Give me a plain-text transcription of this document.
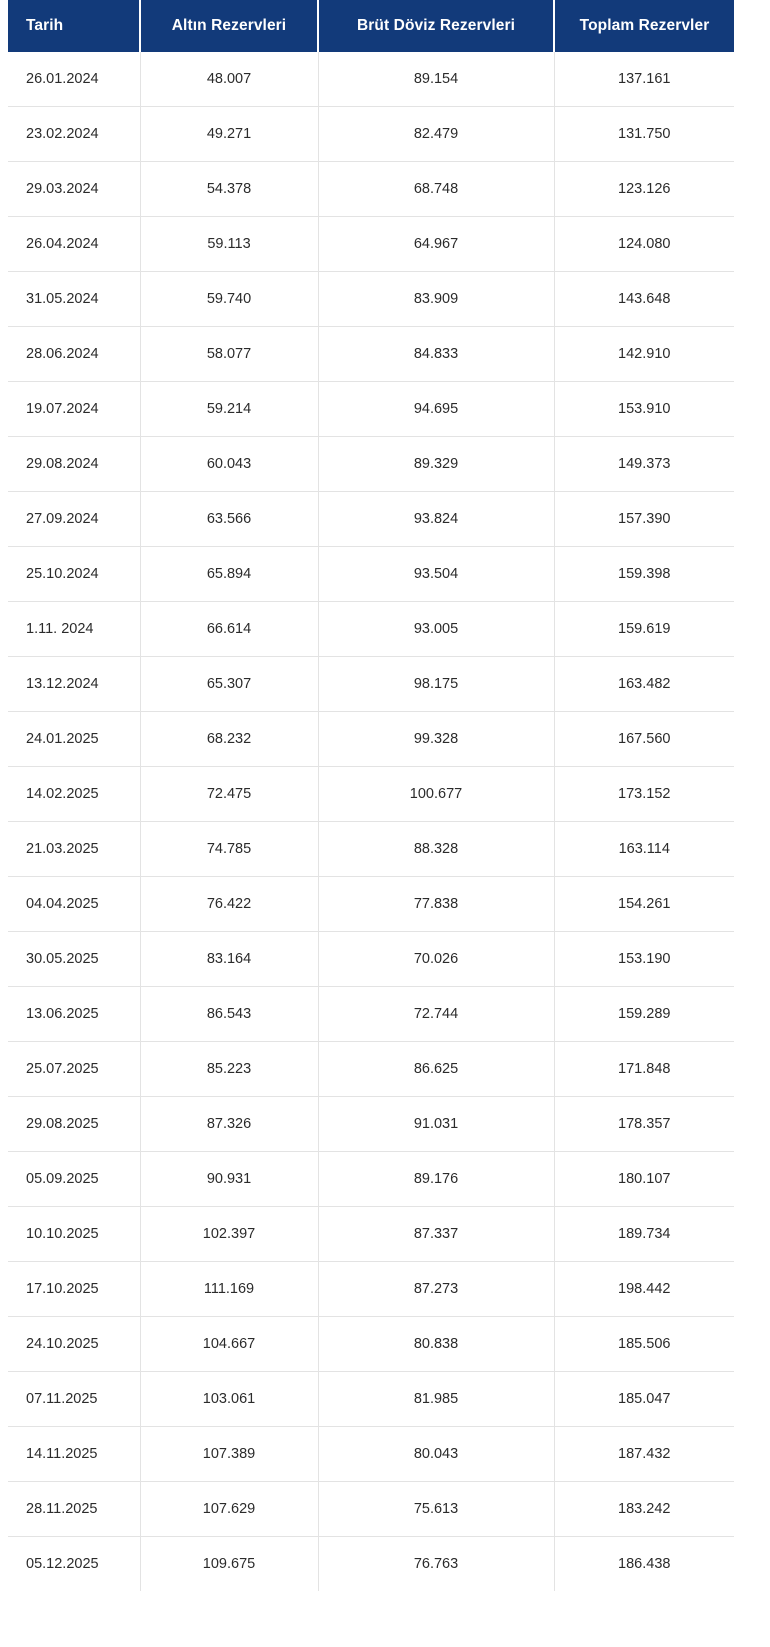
Tarih	Altın Rezervleri	Brüt Döviz Rezervleri	Toplam Rezervler
26.01.2024	48.007	89.154	137.161
23.02.2024	49.271	82.479	131.750
29.03.2024	54.378	68.748	123.126
26.04.2024	59.113	64.967	124.080
31.05.2024	59.740	83.909	143.648
28.06.2024	58.077	84.833	142.910
19.07.2024	59.214	94.695	153.910
29.08.2024	60.043	89.329	149.373
27.09.2024	63.566	93.824	157.390
25.10.2024	65.894	93.504	159.398
1.11. 2024	66.614	93.005	159.619
13.12.2024	65.307	98.175	163.482
24.01.2025	68.232	99.328	167.560
14.02.2025	72.475	100.677	173.152
21.03.2025	74.785	88.328	163.114
04.04.2025	76.422	77.838	154.261
30.05.2025	83.164	70.026	153.190
13.06.2025	86.543	72.744	159.289
25.07.2025	85.223	86.625	171.848
29.08.2025	87.326	91.031	178.357
05.09.2025	90.931	89.176	180.107
10.10.2025	102.397	87.337	189.734
17.10.2025	111.169	87.273	198.442
24.10.2025	104.667	80.838	185.506
07.11.2025	103.061	81.985	185.047
14.11.2025	107.389	80.043	187.432
28.11.2025	107.629	75.613	183.242
05.12.2025	109.675	76.763	186.438
